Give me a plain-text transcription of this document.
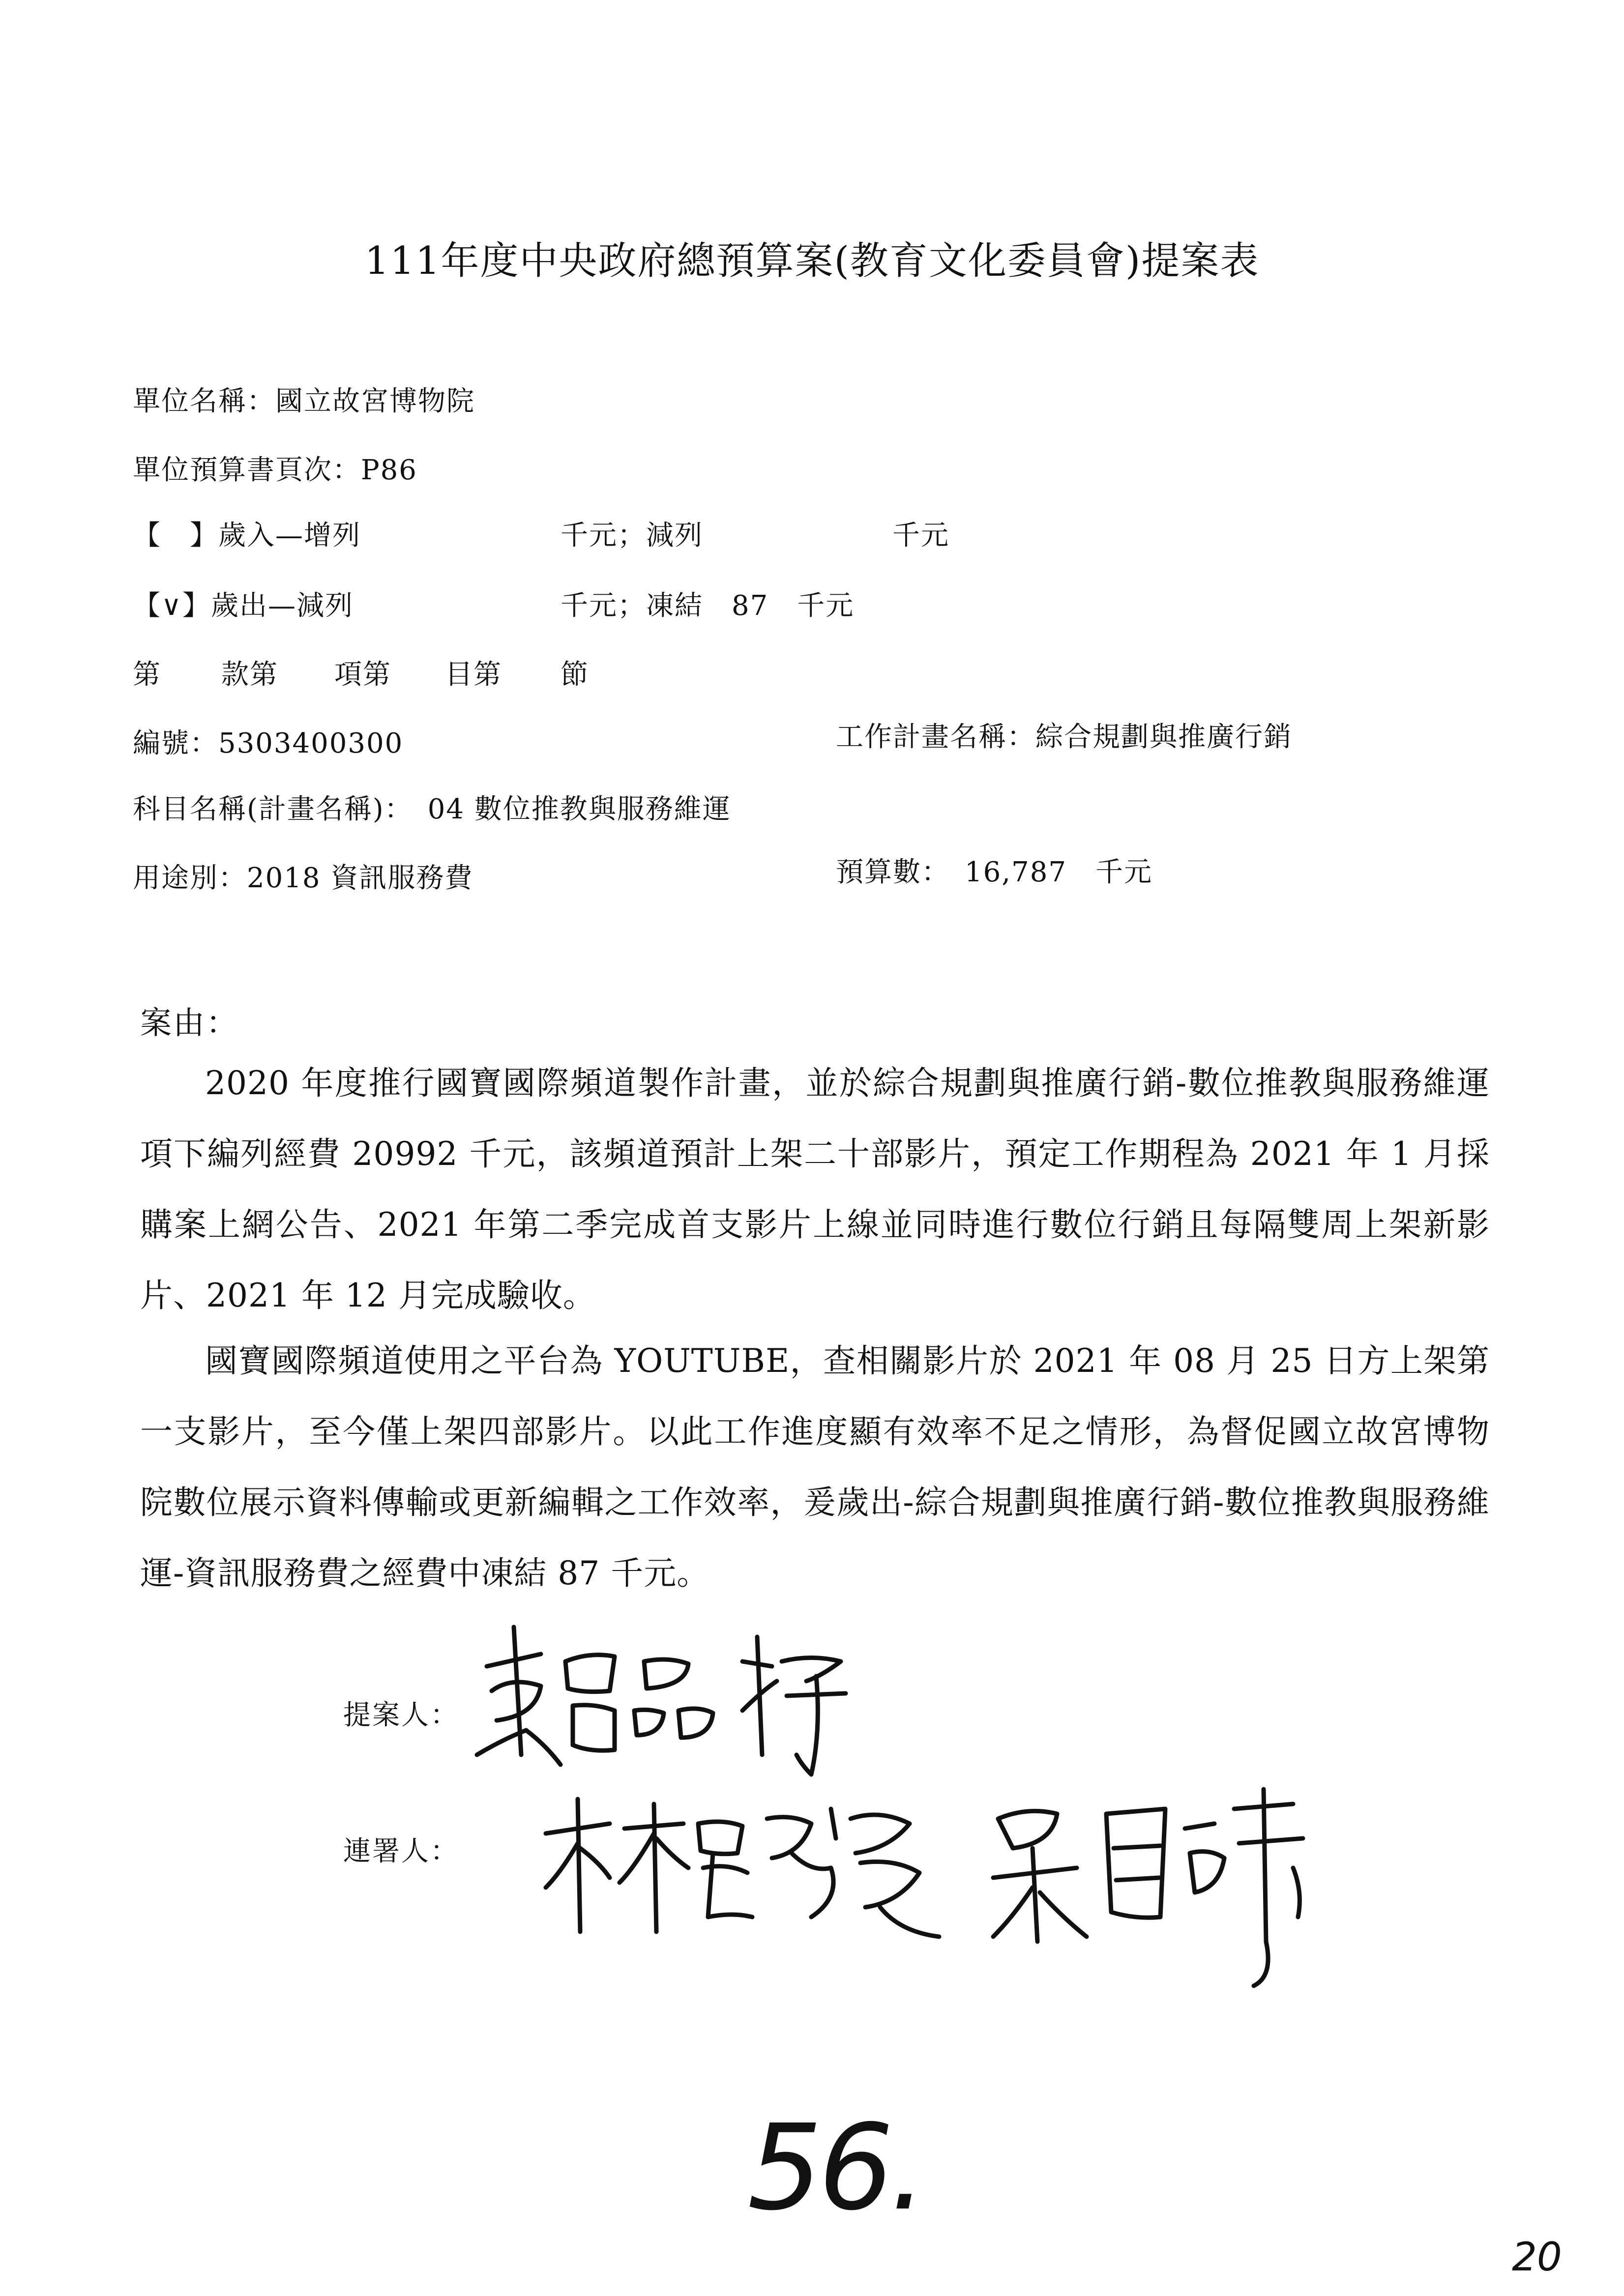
111年度中央政府總預算案(教育文化委員會)提案表
單位名稱：國立故宮博物院
單位預算書頁次：P86
【　】歲入—增列	千元；減列	千元
【∨】歲出—減列	千元；凍結　87　千元
第 款第 項第 目第 節
編號：5303400300	工作計畫名稱：綜合規劃與推廣行銷
科目名稱(計畫名稱)：　04 數位推教與服務維運
用途別：2018 資訊服務費	預算數：　16,787　千元
案由：
2020 年度推行國寶國際頻道製作計畫，並於綜合規劃與推廣行銷-數位推教與服務維運項下編列經費 20992 千元，該頻道預計上架二十部影片，預定工作期程為 2021 年 1 月採購案上網公告、2021 年第二季完成首支影片上線並同時進行數位行銷且每隔雙周上架新影片、2021 年 12 月完成驗收。
國寶國際頻道使用之平台為 YOUTUBE，查相關影片於 2021 年 08 月 25 日方上架第一支影片，至今僅上架四部影片。以此工作進度顯有效率不足之情形，為督促國立故宮博物院數位展示資料傳輸或更新編輯之工作效率，爰歲出-綜合規劃與推廣行銷-數位推教與服務維運-資訊服務費之經費中凍結 87 千元。
提案人：
連署人：
56.
20
